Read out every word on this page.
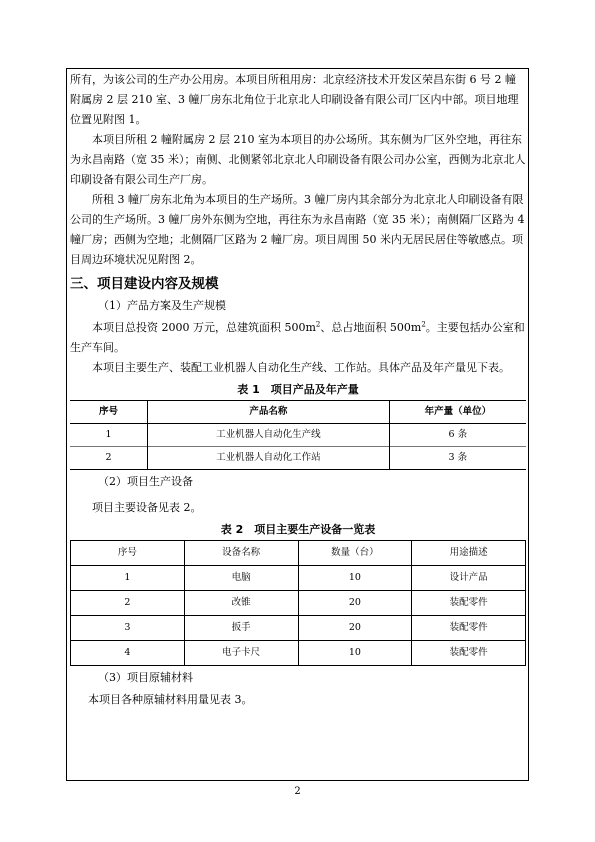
所有，为该公司的生产办公用房。本项目所租用房：北京经济技术开发区荣昌东街 6 号 2 幢附属房 2 层 210 室、3 幢厂房东北角位于北京北人印刷设备有限公司厂区内中部。项目地理位置见附图 1。

本项目所租 2 幢附属房 2 层 210 室为本项目的办公场所。其东侧为厂区外空地，再往东为永昌南路（宽 35 米）；南侧、北侧紧邻北京北人印刷设备有限公司办公室，西侧为北京北人印刷设备有限公司生产厂房。

所租 3 幢厂房东北角为本项目的生产场所。3 幢厂房内其余部分为北京北人印刷设备有限公司的生产场所。3 幢厂房外东侧为空地，再往东为永昌南路（宽 35 米）；南侧隔厂区路为 4 幢厂房；西侧为空地；北侧隔厂区路为 2 幢厂房。项目周围 50 米内无居民居住等敏感点。项目周边环境状况见附图 2。

三、项目建设内容及规模

（1）产品方案及生产规模

本项目总投资 2000 万元，总建筑面积 $500m^2$、总占地面积 $500m^2$。主要包括办公室和生产车间。

本项目主要生产、装配工业机器人自动化生产线、工作站。具体产品及年产量见下表。

表 1　项目产品及年产量
序号	产品名称	年产量（单位）
1	工业机器人自动化生产线	6 条
2	工业机器人自动化工作站	3 条

（2）项目生产设备

项目主要设备见表 2。

表 2　项目主要生产设备一览表
序号	设备名称	数量（台）	用途描述
1	电脑	10	设计产品
2	改锥	20	装配零件
3	扳手	20	装配零件
4	电子卡尺	10	装配零件

（3）项目原辅材料

本项目各种原辅材料用量见表 3。

2
